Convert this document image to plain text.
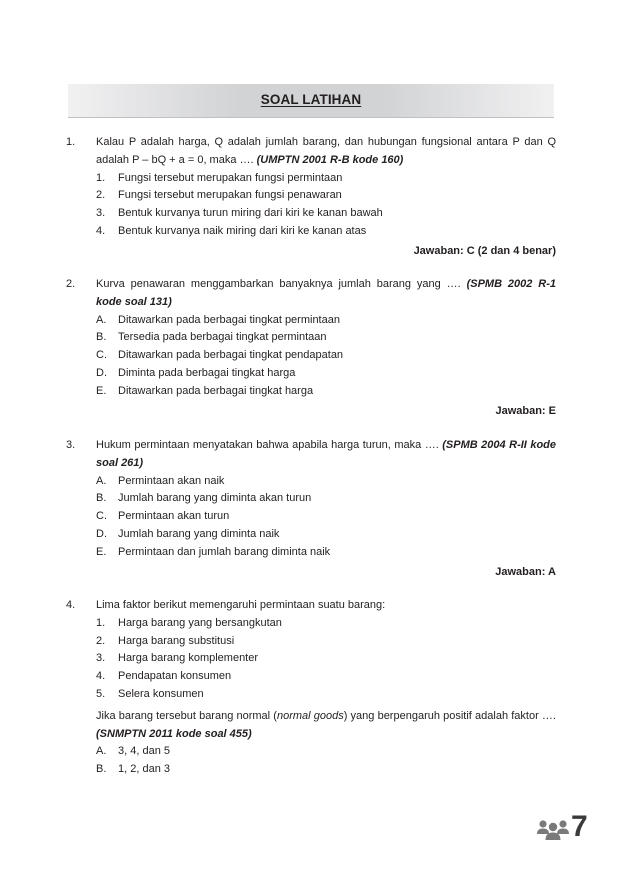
SOAL LATIHAN
1. Kalau P adalah harga, Q adalah jumlah barang, dan hubungan fungsional antara P dan Q adalah P – bQ + a = 0, maka …. (UMPTN 2001 R-B kode 160)
1. Fungsi tersebut merupakan fungsi permintaan
2. Fungsi tersebut merupakan fungsi penawaran
3. Bentuk kurvanya turun miring dari kiri ke kanan bawah
4. Bentuk kurvanya naik miring dari kiri ke kanan atas
Jawaban: C (2 dan 4 benar)
2. Kurva penawaran menggambarkan banyaknya jumlah barang yang …. (SPMB 2002 R-1 kode soal 131)
A. Ditawarkan pada berbagai tingkat permintaan
B. Tersedia pada berbagai tingkat permintaan
C. Ditawarkan pada berbagai tingkat pendapatan
D. Diminta pada berbagai tingkat harga
E. Ditawarkan pada berbagai tingkat harga
Jawaban: E
3. Hukum permintaan menyatakan bahwa apabila harga turun, maka …. (SPMB 2004 R-II kode soal 261)
A. Permintaan akan naik
B. Jumlah barang yang diminta akan turun
C. Permintaan akan turun
D. Jumlah barang yang diminta naik
E. Permintaan dan jumlah barang diminta naik
Jawaban: A
4. Lima faktor berikut memengaruhi permintaan suatu barang:
1. Harga barang yang bersangkutan
2. Harga barang substitusi
3. Harga barang komplementer
4. Pendapatan konsumen
5. Selera konsumen
Jika barang tersebut barang normal (normal goods) yang berpengaruh positif adalah faktor …. (SNMPTN 2011 kode soal 455)
A. 3, 4, dan 5
B. 1, 2, dan 3
7
